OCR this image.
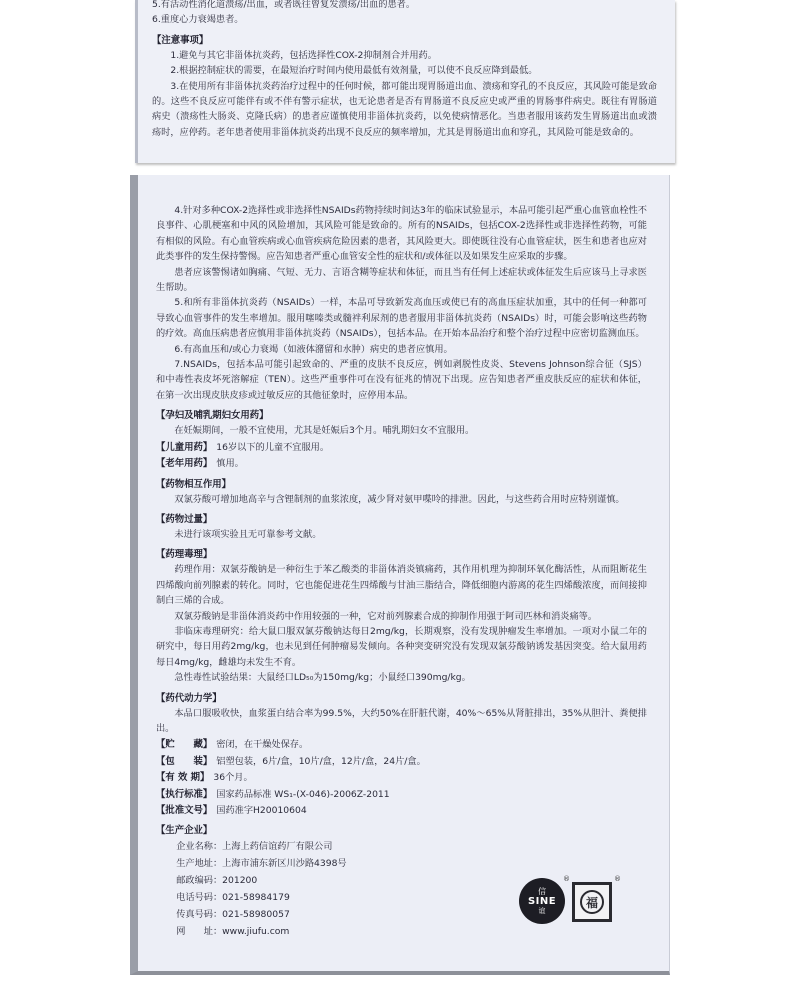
5.有活动性消化道溃疡/出血，或者既往曾复发溃疡/出血的患者。
6.重度心力衰竭患者。
【注意事项】
1.避免与其它非甾体抗炎药，包括选择性COX-2抑制剂合并用药。
2.根据控制症状的需要，在最短治疗时间内使用最低有效剂量，可以使不良反应降到最低。
3.在使用所有非甾体抗炎药治疗过程中的任何时候，都可能出现胃肠道出血、溃疡和穿孔的不良反应，其风险可能是致命的。这些不良反应可能伴有或不伴有警示症状，也无论患者是否有胃肠道不良反应史或严重的胃肠事件病史。既往有胃肠道病史（溃疡性大肠炎、克隆氏病）的患者应谨慎使用非甾体抗炎药，以免使病情恶化。当患者服用该药发生胃肠道出血或溃疡时，应停药。老年患者使用非甾体抗炎药出现不良反应的频率增加，尤其是胃肠道出血和穿孔，其风险可能是致命的。
4.针对多种COX-2选择性或非选择性NSAIDs药物持续时间达3年的临床试验显示，本品可能引起严重心血管血栓性不良事件、心肌梗塞和中风的风险增加，其风险可能是致命的。所有的NSAIDs，包括COX-2选择性或非选择性药物，可能有相似的风险。有心血管疾病或心血管疾病危险因素的患者，其风险更大。即使既往没有心血管症状，医生和患者也应对此类事件的发生保持警惕。应告知患者严重心血管安全性的症状和/或体征以及如果发生应采取的步骤。
患者应该警惕诸如胸痛、气短、无力、言语含糊等症状和体征，而且当有任何上述症状或体征发生后应该马上寻求医生帮助。
5.和所有非甾体抗炎药（NSAIDs）一样，本品可导致新发高血压或使已有的高血压症状加重，其中的任何一种都可导致心血管事件的发生率增加。服用噻嗪类或髓袢利尿剂的患者服用非甾体抗炎药（NSAIDs）时，可能会影响这些药物的疗效。高血压病患者应慎用非甾体抗炎药（NSAIDs），包括本品。在开始本品治疗和整个治疗过程中应密切监测血压。
6.有高血压和/或心力衰竭（如液体潴留和水肿）病史的患者应慎用。
7.NSAIDs，包括本品可能引起致命的、严重的皮肤不良反应，例如剥脱性皮炎、Stevens Johnson综合征（SJS）和中毒性表皮坏死溶解症（TEN）。这些严重事件可在没有征兆的情况下出现。应告知患者严重皮肤反应的症状和体征，在第一次出现皮肤皮疹或过敏反应的其他征象时，应停用本品。
【孕妇及哺乳期妇女用药】
在妊娠期间，一般不宜使用，尤其是妊娠后3个月。哺乳期妇女不宜服用。
【儿童用药】 16岁以下的儿童不宜服用。
【老年用药】 慎用。
【药物相互作用】
双氯芬酸可增加地高辛与含锂制剂的血浆浓度，减少肾对氨甲喋呤的排泄。因此，与这些药合用时应特别谨慎。
【药物过量】
未进行该项实验且无可靠参考文献。
【药理毒理】
药理作用：双氯芬酸钠是一种衍生于苯乙酸类的非甾体消炎镇痛药，其作用机理为抑制环氧化酶活性，从而阻断花生四烯酸向前列腺素的转化。同时，它也能促进花生四烯酸与甘油三脂结合，降低细胞内游离的花生四烯酸浓度，而间接抑制白三烯的合成。
双氯芬酸钠是非甾体消炎药中作用较强的一种，它对前列腺素合成的抑制作用强于阿司匹林和消炎痛等。
非临床毒理研究：给大鼠口服双氯芬酸钠达每日2mg/kg，长期观察，没有发现肿瘤发生率增加。一项对小鼠二年的研究中，每日用药2mg/kg，也未见到任何肿瘤易发倾向。各种突变研究没有发现双氯芬酸钠诱发基因突变。给大鼠用药每日4mg/kg，雌雄均未发生不育。
急性毒性试验结果：大鼠经口LD₅₀为150mg/kg；小鼠经口390mg/kg。
【药代动力学】
本品口服吸收快，血浆蛋白结合率为99.5%，大约50%在肝脏代谢，40%～65%从肾脏排出，35%从胆汁、粪便排出。
【贮　　藏】 密闭，在干燥处保存。
【包　　装】 铝塑包装，6片/盒，10片/盒，12片/盒，24片/盒。
【有 效 期】 36个月。
【执行标准】 国家药品标准 WS₁-(X-046)-2006Z-2011
【批准文号】 国药准字H20010604
【生产企业】
企业名称：上海上药信谊药厂有限公司
生产地址：上海市浦东新区川沙路4398号
邮政编码：201200
电话号码：021-58984179
传真号码：021-58980057
网　　址：www.jiufu.com
信
SINE
谊
®
福
®
